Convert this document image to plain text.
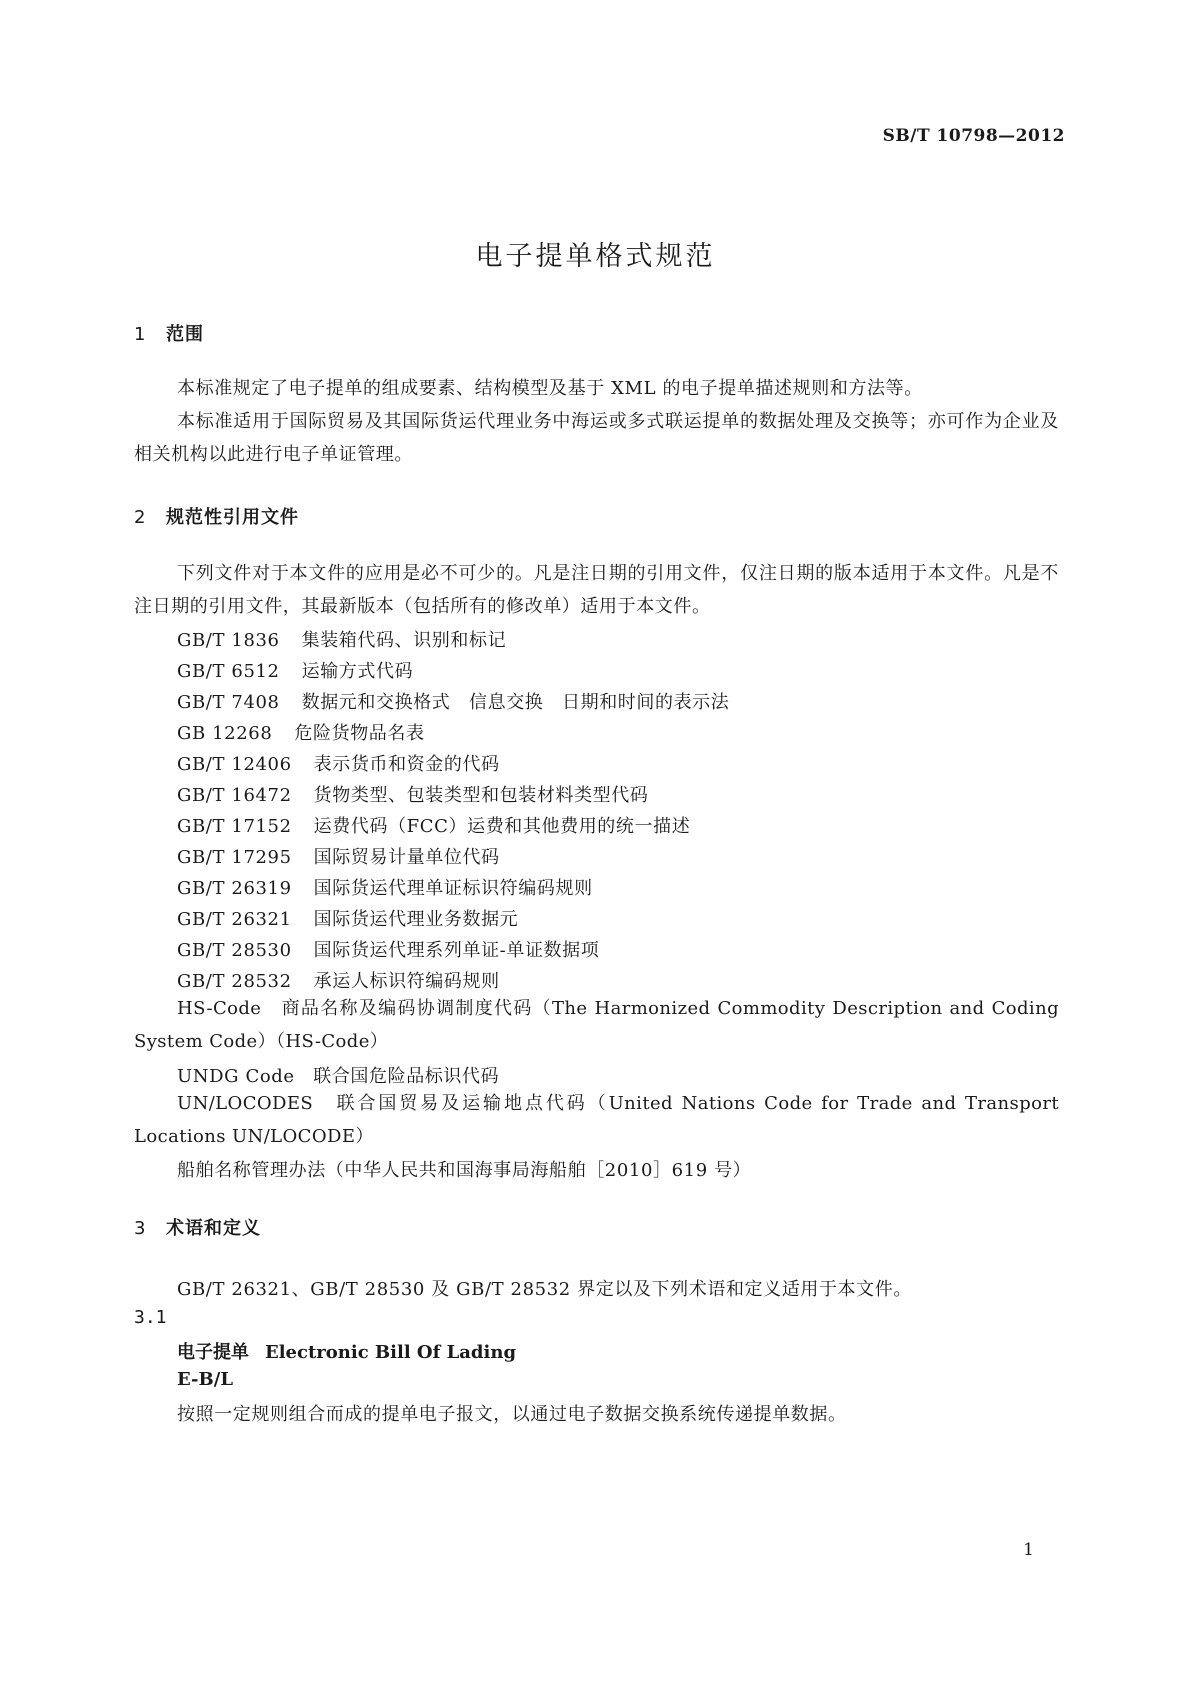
SB/T 10798—2012
电子提单格式规范
1 范围
本标准规定了电子提单的组成要素、结构模型及基于 XML 的电子提单描述规则和方法等。
本标准适用于国际贸易及其国际货运代理业务中海运或多式联运提单的数据处理及交换等；亦可作为企业及相关机构以此进行电子单证管理。
2 规范性引用文件
下列文件对于本文件的应用是必不可少的。凡是注日期的引用文件，仅注日期的版本适用于本文件。凡是不注日期的引用文件，其最新版本（包括所有的修改单）适用于本文件。
GB/T 1836 集装箱代码、识别和标记
GB/T 6512 运输方式代码
GB/T 7408 数据元和交换格式　信息交换　日期和时间的表示法
GB 12268 危险货物品名表
GB/T 12406 表示货币和资金的代码
GB/T 16472 货物类型、包装类型和包装材料类型代码
GB/T 17152 运费代码（FCC）运费和其他费用的统一描述
GB/T 17295 国际贸易计量单位代码
GB/T 26319 国际货运代理单证标识符编码规则
GB/T 26321 国际货运代理业务数据元
GB/T 28530 国际货运代理系列单证-单证数据项
GB/T 28532 承运人标识符编码规则
HS-Code　商品名称及编码协调制度代码（The Harmonized Commodity Description and Coding System Code）（HS-Code）
UNDG Code　联合国危险品标识代码
UN/LOCODES　联合国贸易及运输地点代码（United Nations Code for Trade and Transport Locations UN/LOCODE）
船舶名称管理办法（中华人民共和国海事局海船舶［2010］619 号）
3 术语和定义
GB/T 26321、GB/T 28530 及 GB/T 28532 界定以及下列术语和定义适用于本文件。
3.1
电子提单 Electronic Bill Of Lading
E-B/L
按照一定规则组合而成的提单电子报文，以通过电子数据交换系统传递提单数据。
1
